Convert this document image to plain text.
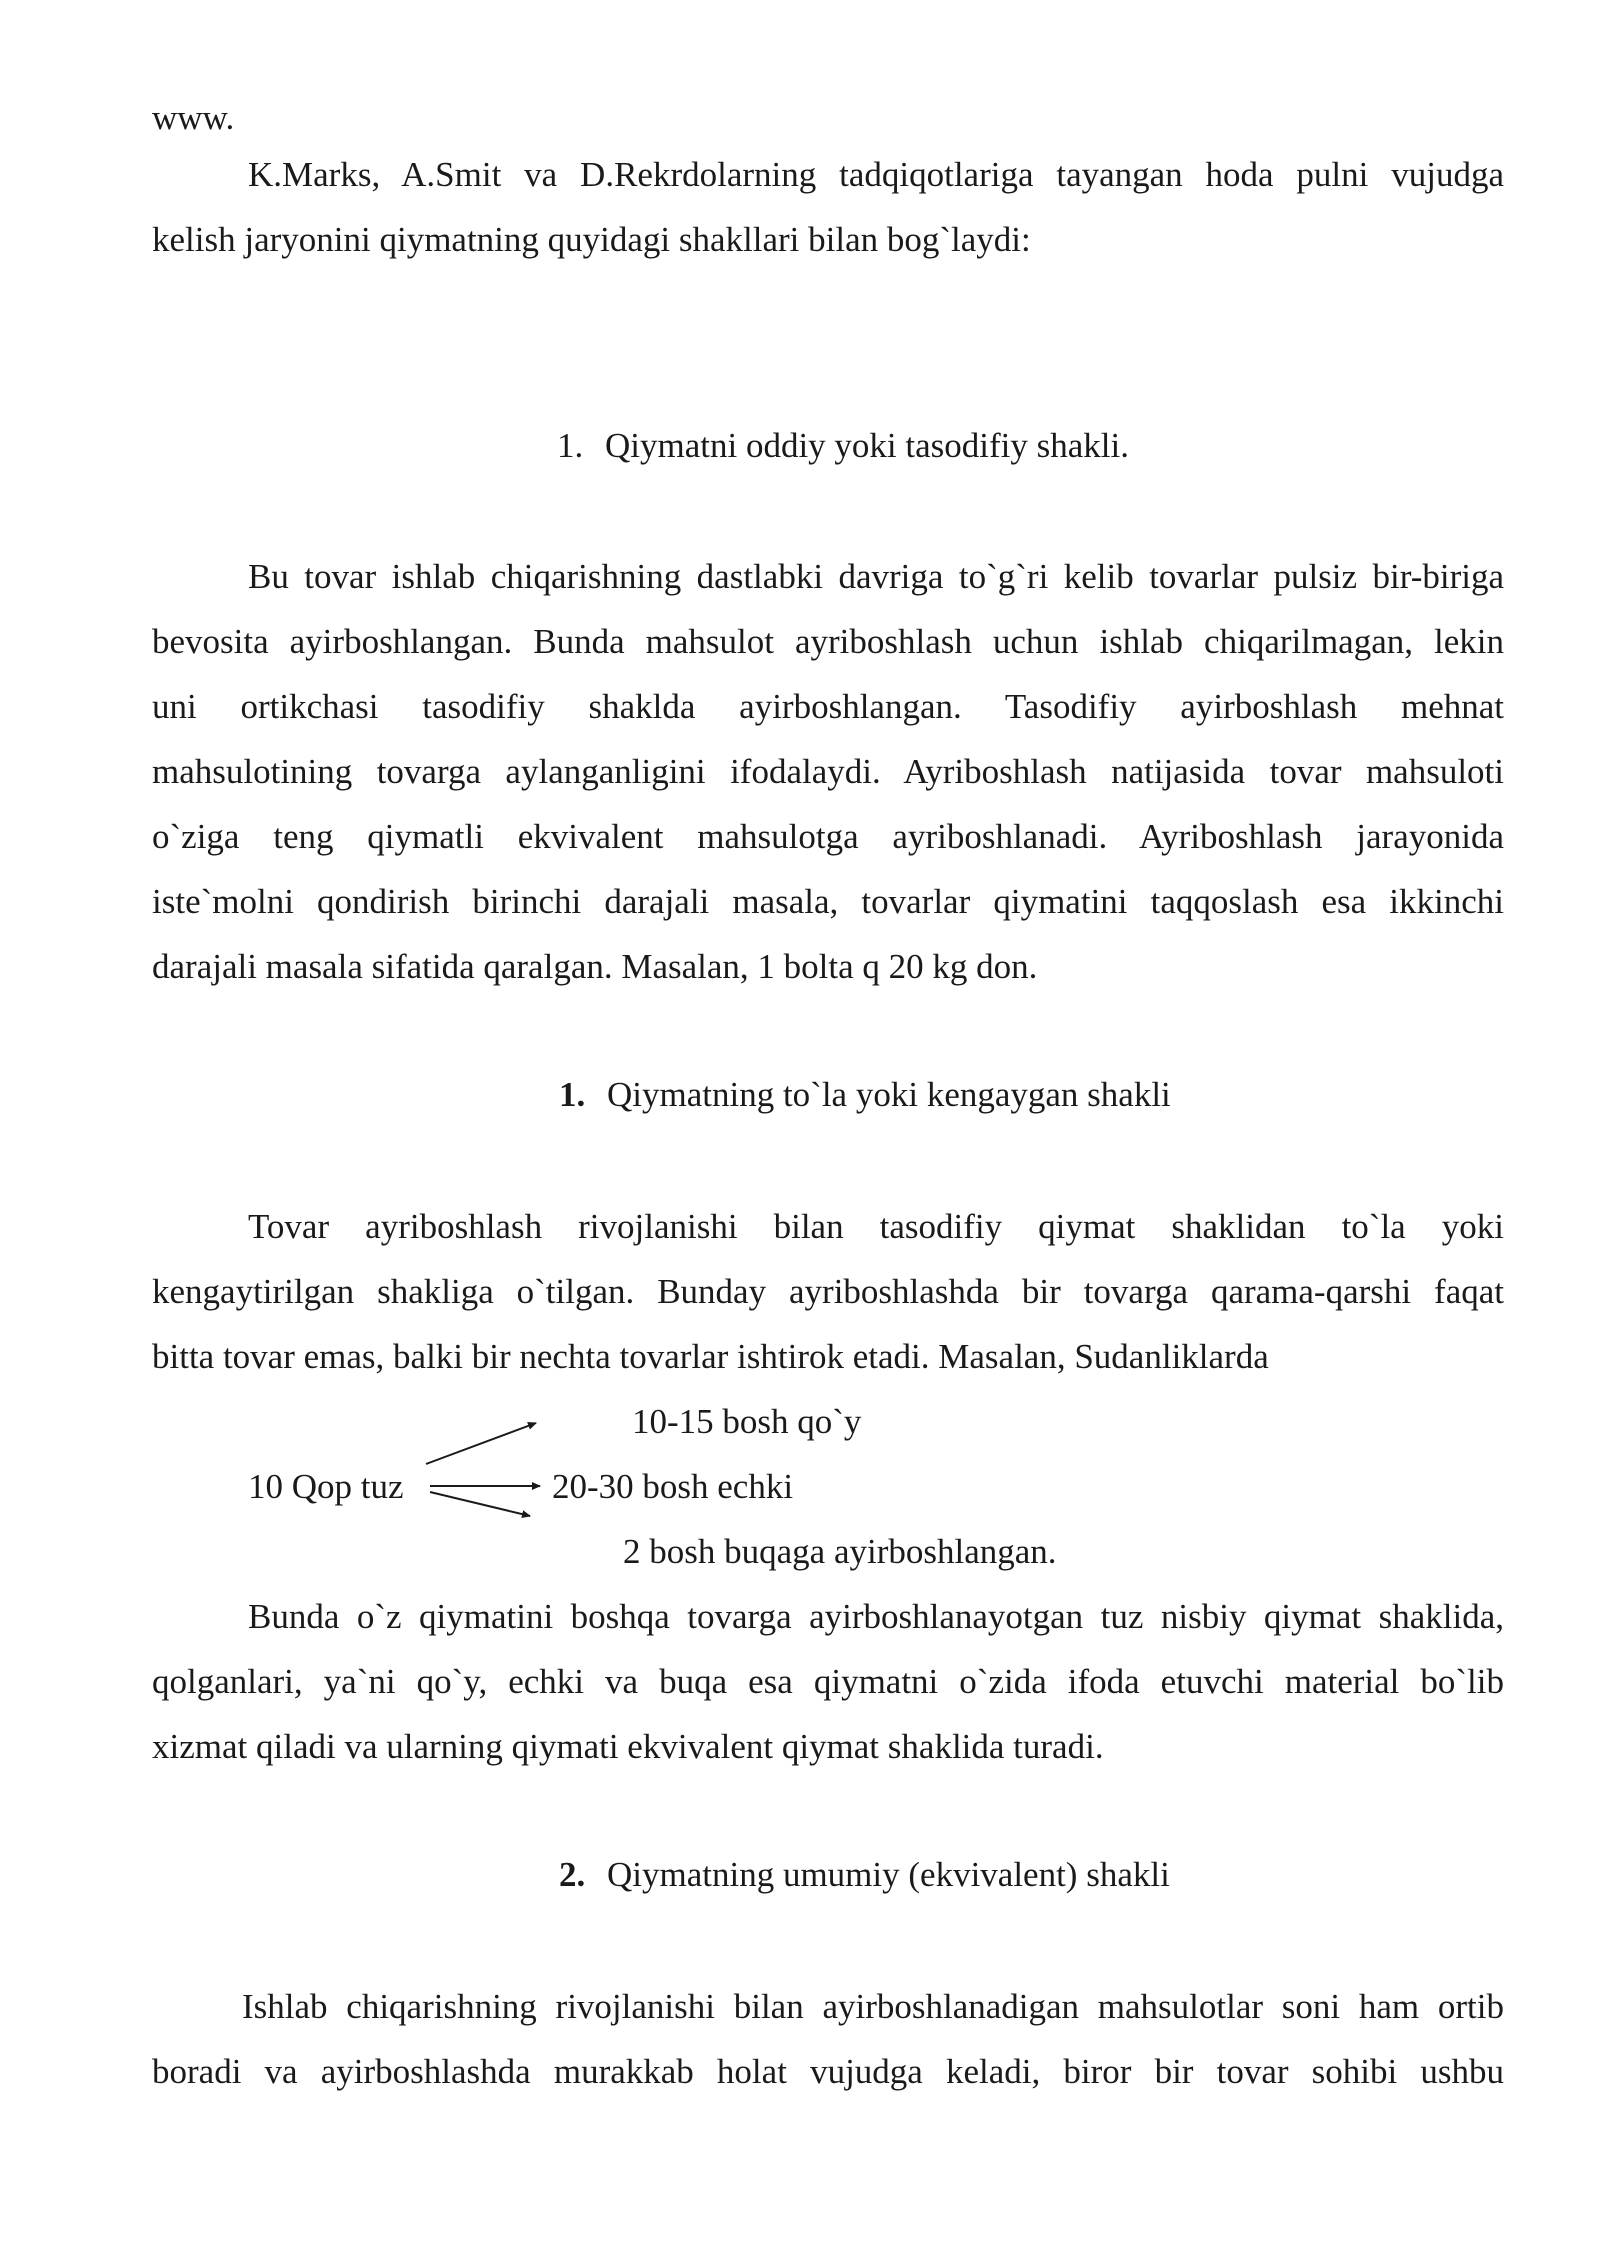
www.
K.Marks, A.Smit va D.Rekrdolarning tadqiqotlariga tayangan hoda pulni vujudga
kelish jaryonini qiymatning quyidagi shakllari bilan bog`laydi:
1. Qiymatni oddiy yoki tasodifiy shakli.
Bu tovar ishlab chiqarishning dastlabki davriga to`g`ri kelib tovarlar pulsiz bir-biriga
bevosita ayirboshlangan. Bunda mahsulot ayriboshlash uchun ishlab chiqarilmagan, lekin
uni ortikchasi tasodifiy shaklda ayirboshlangan. Tasodifiy ayirboshlash mehnat
mahsulotining tovarga aylanganligini ifodalaydi. Ayriboshlash natijasida tovar mahsuloti
o`ziga teng qiymatli ekvivalent mahsulotga ayriboshlanadi. Ayriboshlash jarayonida
iste`molni qondirish birinchi darajali masala, tovarlar qiymatini taqqoslash esa ikkinchi
darajali masala sifatida qaralgan. Masalan, 1 bolta q 20 kg don.
1. Qiymatning to`la yoki kengaygan shakli
Tovar ayriboshlash rivojlanishi bilan tasodifiy qiymat shaklidan to`la yoki
kengaytirilgan shakliga o`tilgan. Bunday ayriboshlashda bir tovarga qarama-qarshi faqat
bitta tovar emas, balki bir nechta tovarlar ishtirok etadi. Masalan, Sudanliklarda
10-15 bosh qo`y
10 Qop tuz	20-30 bosh echki
2 bosh buqaga ayirboshlangan.
Bunda o`z qiymatini boshqa tovarga ayirboshlanayotgan tuz nisbiy qiymat shaklida,
qolganlari, ya`ni qo`y, echki va buqa esa qiymatni o`zida ifoda etuvchi material bo`lib
xizmat qiladi va ularning qiymati ekvivalent qiymat shaklida turadi.
2. Qiymatning umumiy (ekvivalent) shakli
Ishlab chiqarishning rivojlanishi bilan ayirboshlanadigan mahsulotlar soni ham ortib
boradi va ayirboshlashda murakkab holat vujudga keladi, biror bir tovar sohibi ushbu
